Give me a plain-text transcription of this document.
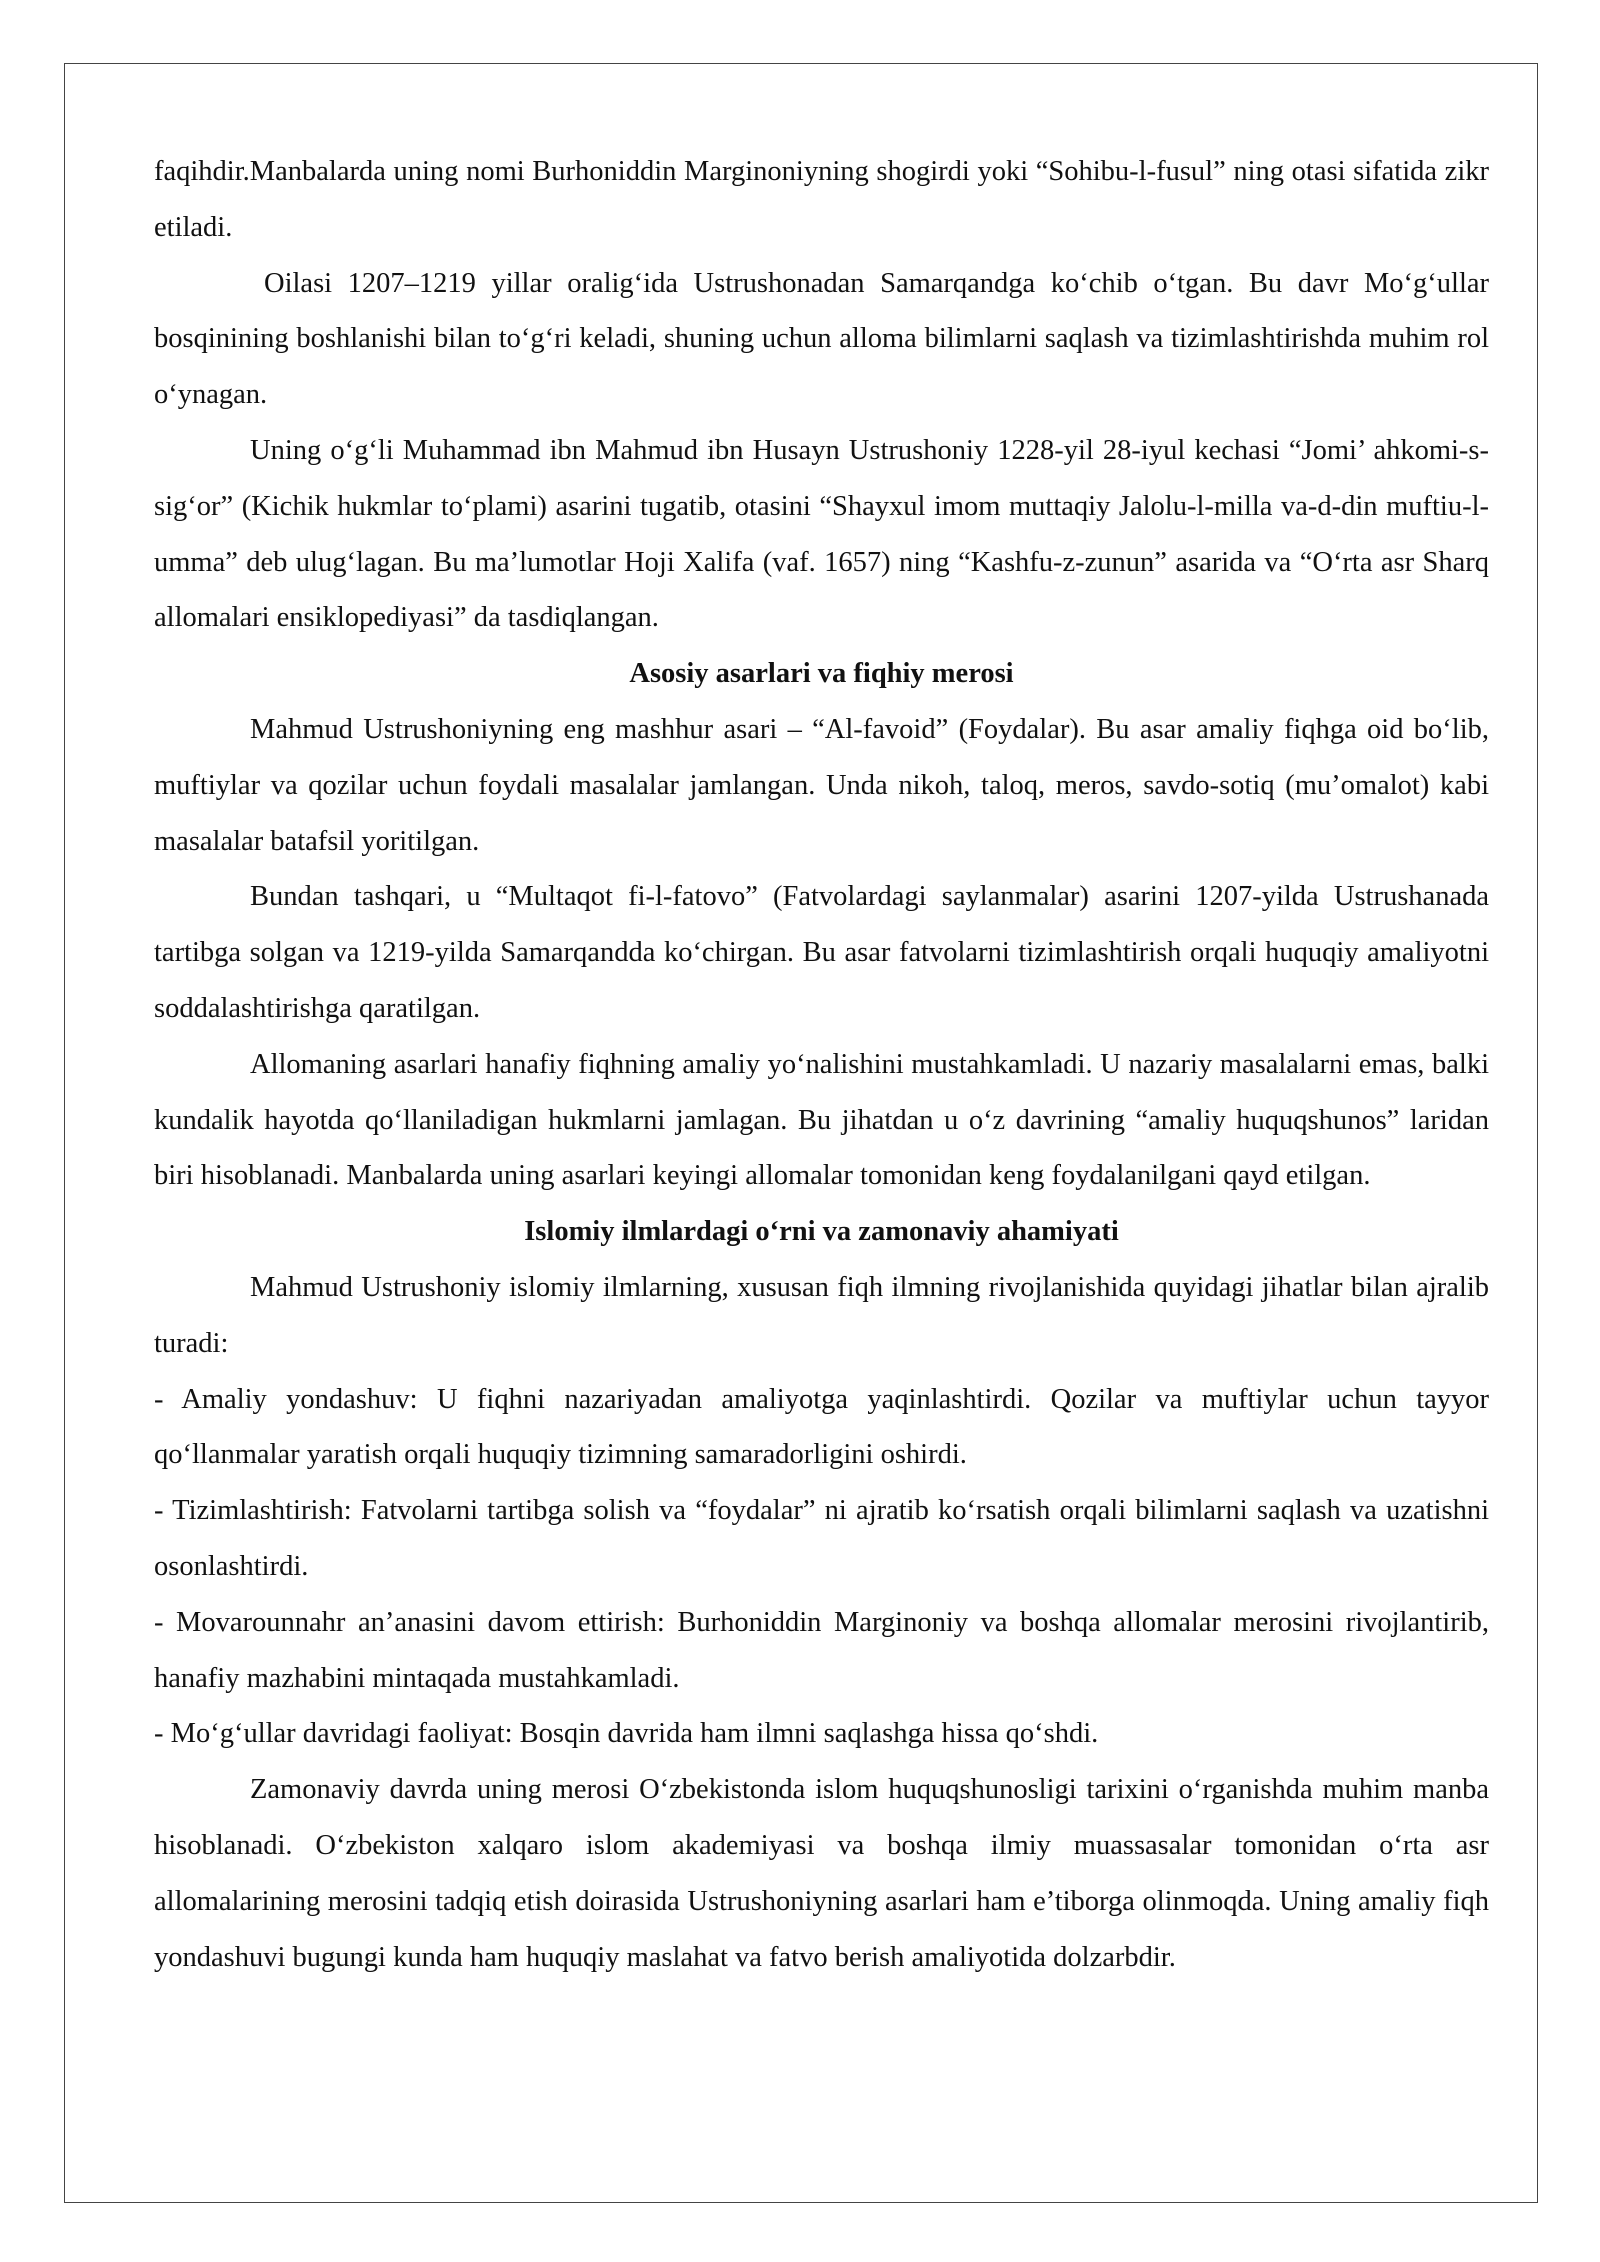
faqihdir.Manbalarda uning nomi Burhoniddin Marginoniyning shogirdi yoki “Sohibu-l-fusul” ning otasi sifatida zikr etiladi.

Oilasi 1207–1219 yillar oralig‘ida Ustrushonadan Samarqandga ko‘chib o‘tgan. Bu davr Mo‘g‘ullar bosqinining boshlanishi bilan to‘g‘ri keladi, shuning uchun alloma bilimlarni saqlash va tizimlashtirishda muhim rol o‘ynagan.

Uning o‘g‘li Muhammad ibn Mahmud ibn Husayn Ustrushoniy 1228-yil 28-iyul kechasi “Jomi’ ahkomi-s-sig‘or” (Kichik hukmlar to‘plami) asarini tugatib, otasini “Shayxul imom muttaqiy Jalolu-l-milla va-d-din muftiu-l-umma” deb ulug‘lagan. Bu ma’lumotlar Hoji Xalifa (vaf. 1657) ning “Kashfu-z-zunun” asarida va “O‘rta asr Sharq allomalari ensiklopediyasi” da tasdiqlangan.

Asosiy asarlari va fiqhiy merosi

Mahmud Ustrushoniyning eng mashhur asari – “Al-favoid” (Foydalar). Bu asar amaliy fiqhga oid bo‘lib, muftiylar va qozilar uchun foydali masalalar jamlangan. Unda nikoh, taloq, meros, savdo-sotiq (mu’omalot) kabi masalalar batafsil yoritilgan.

Bundan tashqari, u “Multaqot fi-l-fatovo” (Fatvolardagi saylanmalar) asarini 1207-yilda Ustrushanada tartibga solgan va 1219-yilda Samarqandda ko‘chirgan. Bu asar fatvolarni tizimlashtirish orqali huquqiy amaliyotni soddalashtirishga qaratilgan.

Allomaning asarlari hanafiy fiqhning amaliy yo‘nalishini mustahkamladi. U nazariy masalalarni emas, balki kundalik hayotda qo‘llaniladigan hukmlarni jamlagan. Bu jihatdan u o‘z davrining “amaliy huquqshunos” laridan biri hisoblanadi. Manbalarda uning asarlari keyingi allomalar tomonidan keng foydalanilgani qayd etilgan.

Islomiy ilmlardagi o‘rni va zamonaviy ahamiyati

Mahmud Ustrushoniy islomiy ilmlarning, xususan fiqh ilmning rivojlanishida quyidagi jihatlar bilan ajralib turadi:

- Amaliy yondashuv: U fiqhni nazariyadan amaliyotga yaqinlashtirdi. Qozilar va muftiylar uchun tayyor qo‘llanmalar yaratish orqali huquqiy tizimning samaradorligini oshirdi.

- Tizimlashtirish: Fatvolarni tartibga solish va “foydalar” ni ajratib ko‘rsatish orqali bilimlarni saqlash va uzatishni osonlashtirdi.

- Movarounnahr an’anasini davom ettirish: Burhoniddin Marginoniy va boshqa allomalar merosini rivojlantirib, hanafiy mazhabini mintaqada mustahkamladi.

- Mo‘g‘ullar davridagi faoliyat: Bosqin davrida ham ilmni saqlashga hissa qo‘shdi.

Zamonaviy davrda uning merosi O‘zbekistonda islom huquqshunosligi tarixini o‘rganishda muhim manba hisoblanadi. O‘zbekiston xalqaro islom akademiyasi va boshqa ilmiy muassasalar tomonidan o‘rta asr allomalarining merosini tadqiq etish doirasida Ustrushoniyning asarlari ham e’tiborga olinmoqda. Uning amaliy fiqh yondashuvi bugungi kunda ham huquqiy maslahat va fatvo berish amaliyotida dolzarbdir.
